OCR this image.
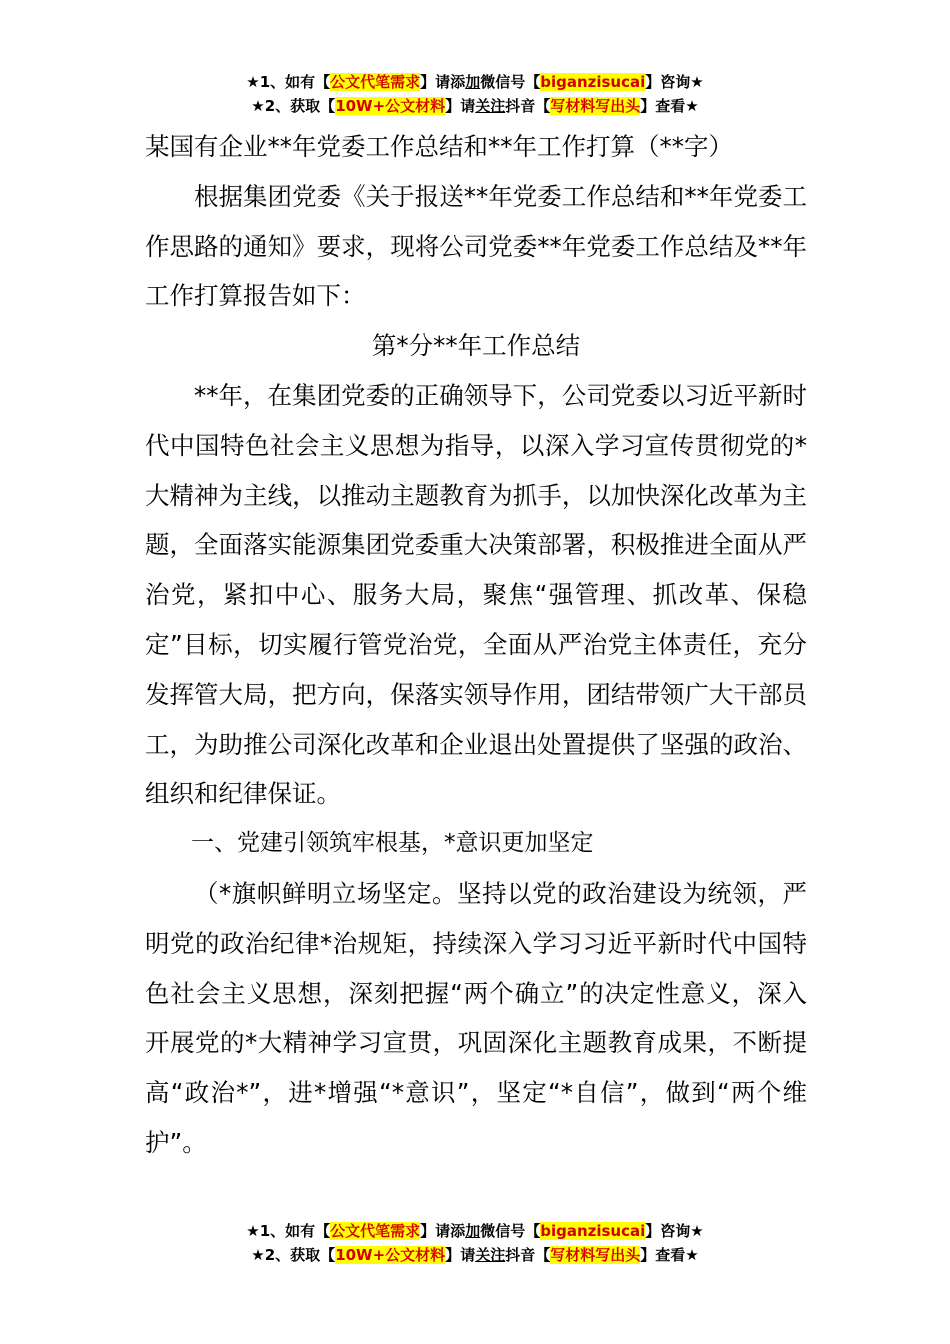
★1、如有【公文代笔需求】请添加微信号【biganzisucai】咨询★
★2、获取【10W+公文材料】请关注抖音【写材料写出头】查看★

某国有企业**年党委工作总结和**年工作打算（**字）

根据集团党委《关于报送**年党委工作总结和**年党委工作思路的通知》要求，现将公司党委**年党委工作总结及**年工作打算报告如下：

第*分**年工作总结

**年，在集团党委的正确领导下，公司党委以习近平新时代中国特色社会主义思想为指导，以深入学习宣传贯彻党的*大精神为主线，以推动主题教育为抓手，以加快深化改革为主题，全面落实能源集团党委重大决策部署，积极推进全面从严治党，紧扣中心、服务大局，聚焦“强管理、抓改革、保稳定”目标，切实履行管党治党，全面从严治党主体责任，充分发挥管大局，把方向，保落实领导作用，团结带领广大干部员工，为助推公司深化改革和企业退出处置提供了坚强的政治、组织和纪律保证。

一、党建引领筑牢根基，*意识更加坚定

（*旗帜鲜明立场坚定。坚持以党的政治建设为统领，严明党的政治纪律*治规矩，持续深入学习习近平新时代中国特色社会主义思想，深刻把握“两个确立”的决定性意义，深入开展党的*大精神学习宣贯，巩固深化主题教育成果，不断提高“政治*”，进*增强“*意识”，坚定“*自信”，做到“两个维护”。

★1、如有【公文代笔需求】请添加微信号【biganzisucai】咨询★
★2、获取【10W+公文材料】请关注抖音【写材料写出头】查看★
